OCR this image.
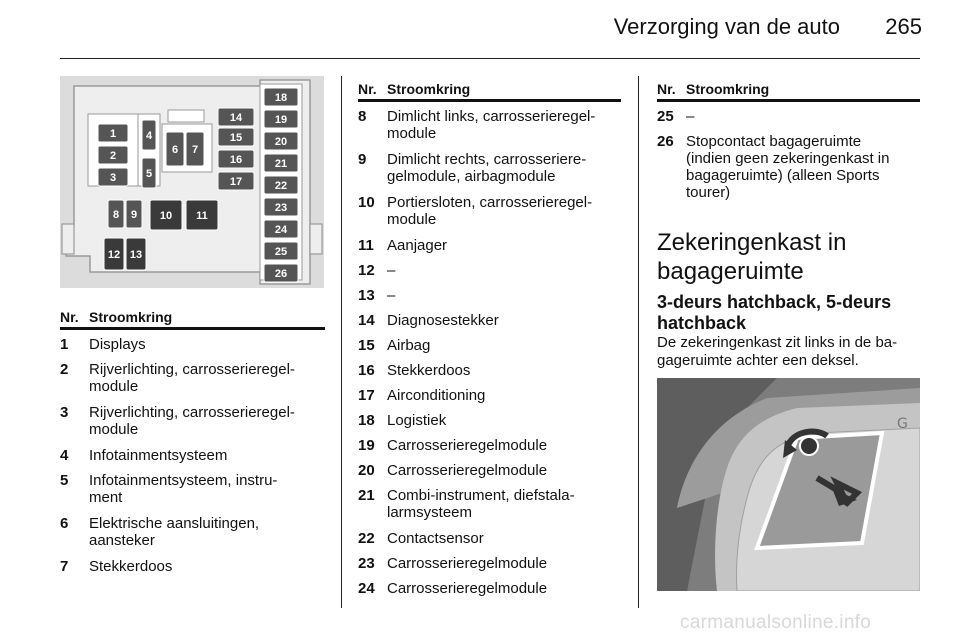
Verzorging van de auto	265
1
2
3
4
5
6 7
8 9 10 11
12 13
14
15
16
17
18
19
20
21
22
23
24
25
26
Nr. Stroomkring
1 Displays
2 Rijverlichting, carrosserieregel-
module
3 Rijverlichting, carrosserieregel-
module
4 Infotainmentsysteem
5 Infotainmentsysteem, instru-
ment
6 Elektrische aansluitingen,
aansteker
7 Stekkerdoos
Nr. Stroomkring
8 Dimlicht links, carrosserieregel-
module
9 Dimlicht rechts, carrosseriere-
gelmodule, airbagmodule
10 Portiersloten, carrosserieregel-
module
11 Aanjager
12 –
13 –
14 Diagnosestekker
15 Airbag
16 Stekkerdoos
17 Airconditioning
18 Logistiek
19 Carrosserieregelmodule
20 Carrosserieregelmodule
21 Combi-instrument, diefstala-
larmsysteem
22 Contactsensor
23 Carrosserieregelmodule
24 Carrosserieregelmodule
Nr. Stroomkring
25 –
26 Stopcontact bagageruimte
(indien geen zekeringenkast in
bagageruimte) (alleen Sports
tourer)
Zekeringenkast in
bagageruimte
3-deurs hatchback, 5-deurs
hatchback
De zekeringenkast zit links in de ba-
gageruimte achter een deksel.
G
carmanualsonline.info
